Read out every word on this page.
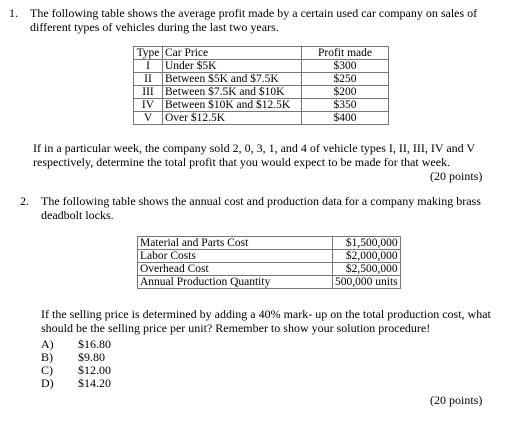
1. The following table shows the average profit made by a certain used car company on sales of different types of vehicles during the last two years.
Type	Car Price	Profit made
I	Under $5K	$300
II	Between $5K and $7.5K	$250
III	Between $7.5K and $10K	$200
IV	Between $10K and $12.5K	$350
V	Over $12.5K	$400
If in a particular week, the company sold 2, 0, 3, 1, and 4 of vehicle types I, II, III, IV and V respectively, determine the total profit that you would expect to be made for that week.
(20 points)
2. The following table shows the annual cost and production data for a company making brass deadbolt locks.
Material and Parts Cost	$1,500,000
Labor Costs	$2,000,000
Overhead Cost	$2,500,000
Annual Production Quantity	500,000 units
If the selling price is determined by adding a 40% mark- up on the total production cost, what should be the selling price per unit? Remember to show your solution procedure!
A) $16.80
B) $9.80
C) $12.00
D) $14.20
(20 points)
